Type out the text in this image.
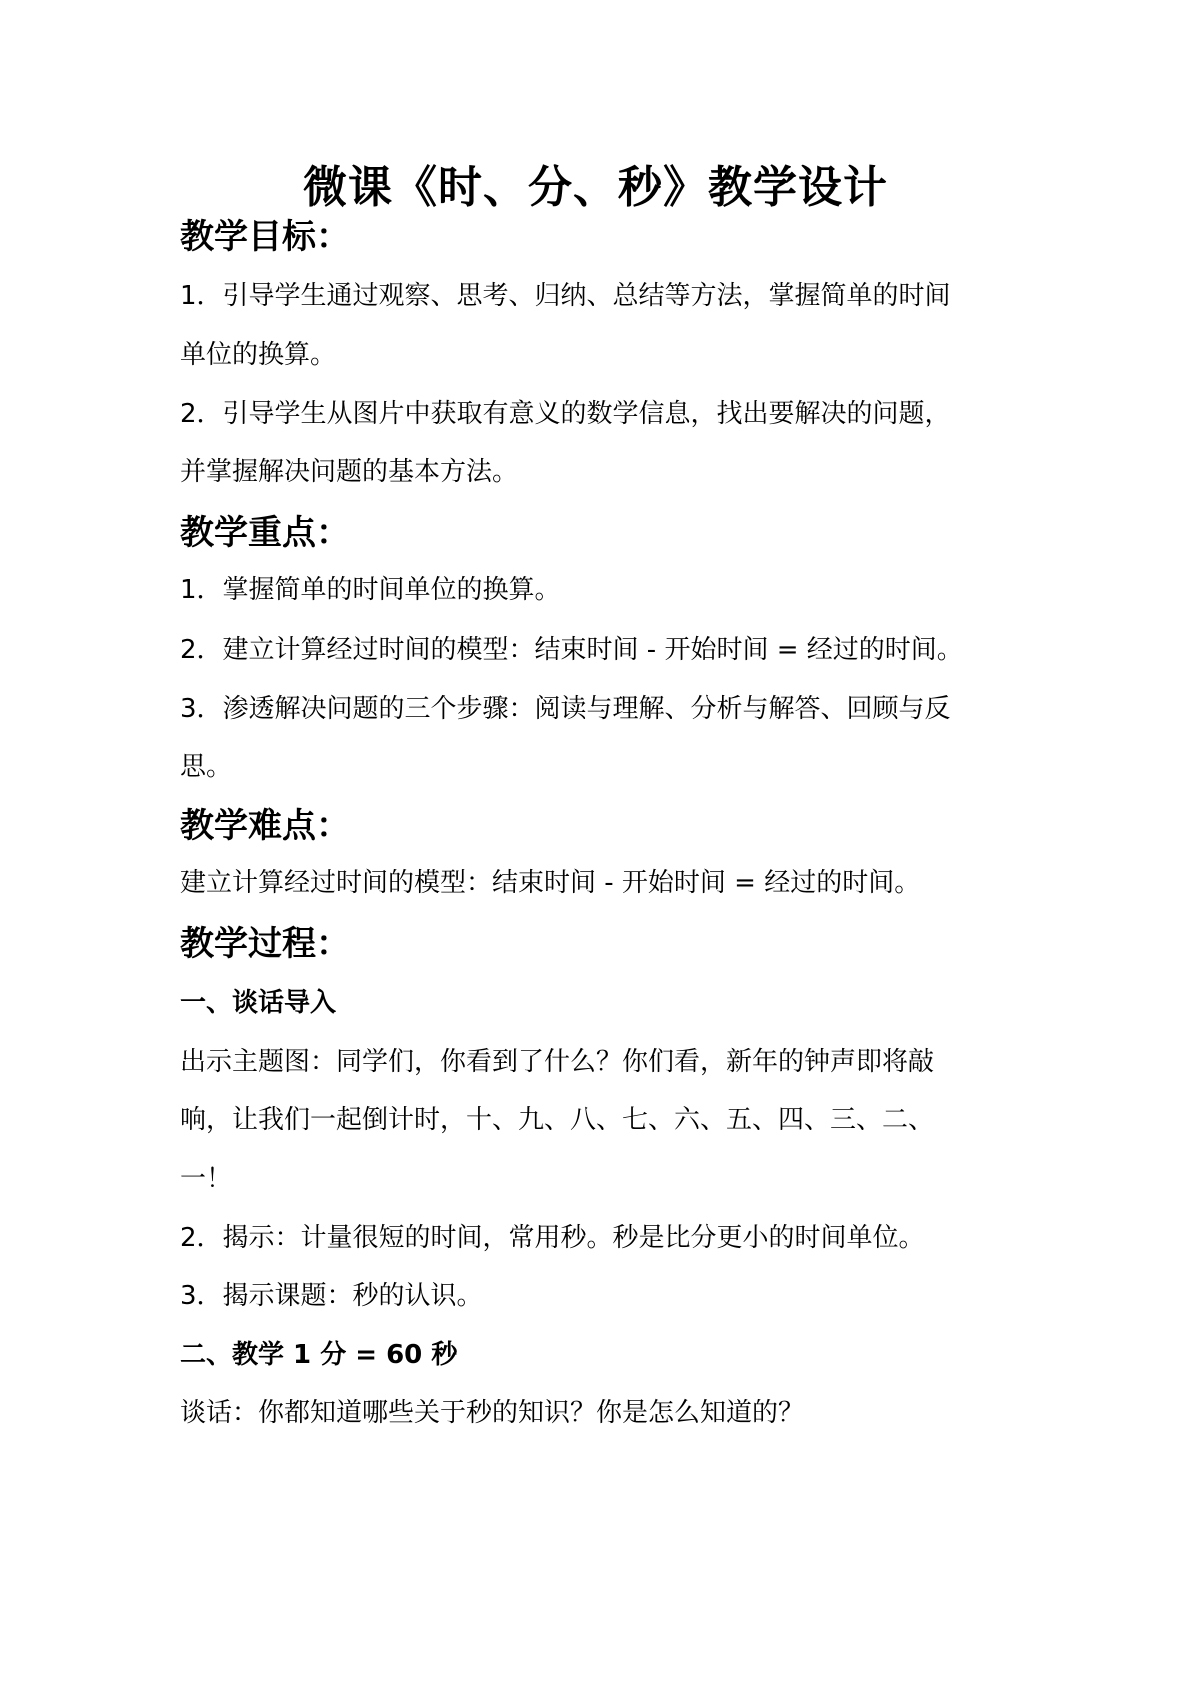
微课《时、分、秒》教学设计
教学目标：
1．引导学生通过观察、思考、归纳、总结等方法，掌握简单的时间
单位的换算。
2．引导学生从图片中获取有意义的数学信息，找出要解决的问题，
并掌握解决问题的基本方法。
教学重点：
1．掌握简单的时间单位的换算。
2．建立计算经过时间的模型：结束时间 - 开始时间 = 经过的时间。
3．渗透解决问题的三个步骤：阅读与理解、分析与解答、回顾与反
思。
教学难点：
建立计算经过时间的模型：结束时间 - 开始时间 = 经过的时间。
教学过程：
一、谈话导入
出示主题图：同学们，你看到了什么？你们看，新年的钟声即将敲
响，让我们一起倒计时，十、九、八、七、六、五、四、三、二、
一！
2．揭示：计量很短的时间，常用秒。秒是比分更小的时间单位。
3．揭示课题：秒的认识。
二、教学 1 分 = 60 秒
谈话：你都知道哪些关于秒的知识？你是怎么知道的？
